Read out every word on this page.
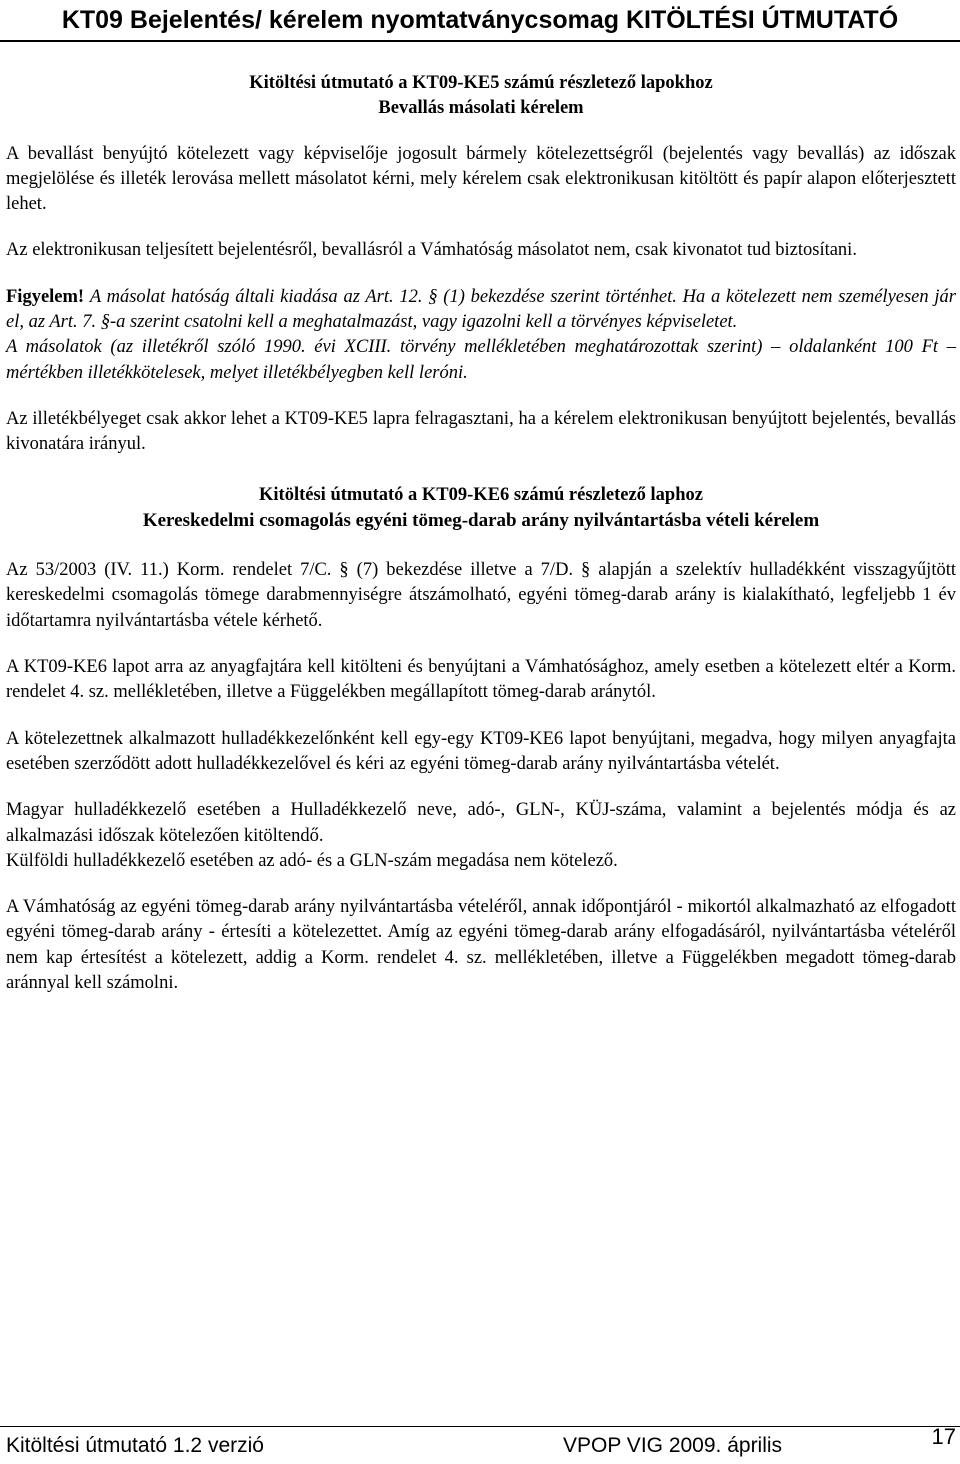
KT09 Bejelentés/ kérelem nyomtatványcsomag KITÖLTÉSI ÚTMUTATÓ
Kitöltési útmutató a KT09-KE5 számú részletező lapokhoz
Bevallás másolati kérelem

A bevallást benyújtó kötelezett vagy képviselője jogosult bármely kötelezettségről (bejelentés vagy bevallás) az időszak megjelölése és illeték lerovása mellett másolatot kérni, mely kérelem csak elektronikusan kitöltött és papír alapon előterjesztett lehet.

Az elektronikusan teljesített bejelentésről, bevallásról a Vámhatóság másolatot nem, csak kivonatot tud biztosítani.

Figyelem! A másolat hatóság általi kiadása az Art. 12. § (1) bekezdése szerint történhet. Ha a kötelezett nem személyesen jár el, az Art. 7. §-a szerint csatolni kell a meghatalmazást, vagy igazolni kell a törvényes képviseletet.

A másolatok (az illetékről szóló 1990. évi XCIII. törvény mellékletében meghatározottak szerint) – oldalanként 100 Ft – mértékben illetékkötelesek, melyet illetékbélyegben kell leróni.

Az illetékbélyeget csak akkor lehet a KT09-KE5 lapra felragasztani, ha a kérelem elektronikusan benyújtott bejelentés, bevallás kivonatára irányul.

Kitöltési útmutató a KT09-KE6 számú részletező laphoz
Kereskedelmi csomagolás egyéni tömeg-darab arány nyilvántartásba vételi kérelem

Az 53/2003 (IV. 11.) Korm. rendelet 7/C. § (7) bekezdése illetve a 7/D. § alapján a szelektív hulladékként visszagyűjtött kereskedelmi csomagolás tömege darabmennyiségre átszámolható, egyéni tömeg-darab arány is kialakítható, legfeljebb 1 év időtartamra nyilvántartásba vétele kérhető.

A KT09-KE6 lapot arra az anyagfajtára kell kitölteni és benyújtani a Vámhatósághoz, amely esetben a kötelezett eltér a Korm. rendelet 4. sz. mellékletében, illetve a Függelékben megállapított tömeg-darab aránytól.

A kötelezettnek alkalmazott hulladékkezelőnként kell egy-egy KT09-KE6 lapot benyújtani, megadva, hogy milyen anyagfajta esetében szerződött adott hulladékkezelővel és kéri az egyéni tömeg-darab arány nyilvántartásba vételét.

Magyar hulladékkezelő esetében a Hulladékkezelő neve, adó-, GLN-, KÜJ-száma, valamint a bejelentés módja és az alkalmazási időszak kötelezően kitöltendő.

Külföldi hulladékkezelő esetében az adó- és a GLN-szám megadása nem kötelező.

A Vámhatóság az egyéni tömeg-darab arány nyilvántartásba vételéről, annak időpontjáról - mikortól alkalmazható az elfogadott egyéni tömeg-darab arány - értesíti a kötelezettet. Amíg az egyéni tömeg-darab arány elfogadásáról, nyilvántartásba vételéről nem kap értesítést a kötelezett, addig a Korm. rendelet 4. sz. mellékletében, illetve a Függelékben megadott tömeg-darab aránnyal kell számolni.

Kitöltési útmutató 1.2 verzió	VPOP VIG 2009. április	17
